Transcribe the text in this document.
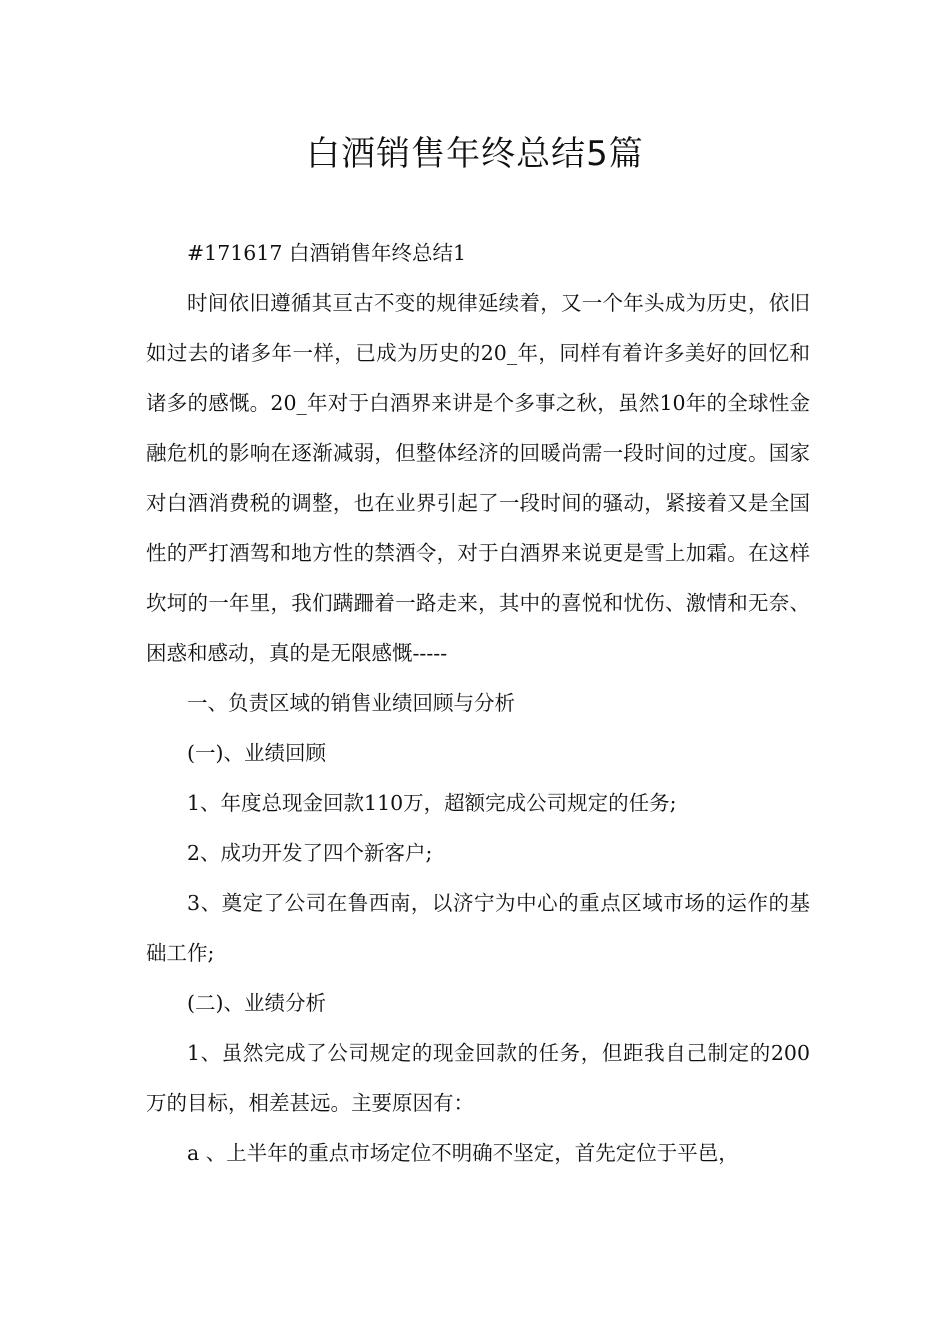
白酒销售年终总结5篇

#171617 白酒销售年终总结1

时间依旧遵循其亘古不变的规律延续着，又一个年头成为历史，依旧如过去的诸多年一样，已成为历史的20_年，同样有着许多美好的回忆和诸多的感慨。20_年对于白酒界来讲是个多事之秋，虽然10年的全球性金融危机的影响在逐渐减弱，但整体经济的回暖尚需一段时间的过度。国家对白酒消费税的调整，也在业界引起了一段时间的骚动，紧接着又是全国性的严打酒驾和地方性的禁酒令，对于白酒界来说更是雪上加霜。在这样坎坷的一年里，我们蹒跚着一路走来，其中的喜悦和忧伤、激情和无奈、困惑和感动，真的是无限感慨-----

一、负责区域的销售业绩回顾与分析

(一)、业绩回顾

1、年度总现金回款110万，超额完成公司规定的任务;

2、成功开发了四个新客户;

3、奠定了公司在鲁西南，以济宁为中心的重点区域市场的运作的基础工作;

(二)、业绩分析

1、虽然完成了公司规定的现金回款的任务，但距我自己制定的200万的目标，相差甚远。主要原因有：

a 、上半年的重点市场定位不明确不坚定，首先定位于平邑，
